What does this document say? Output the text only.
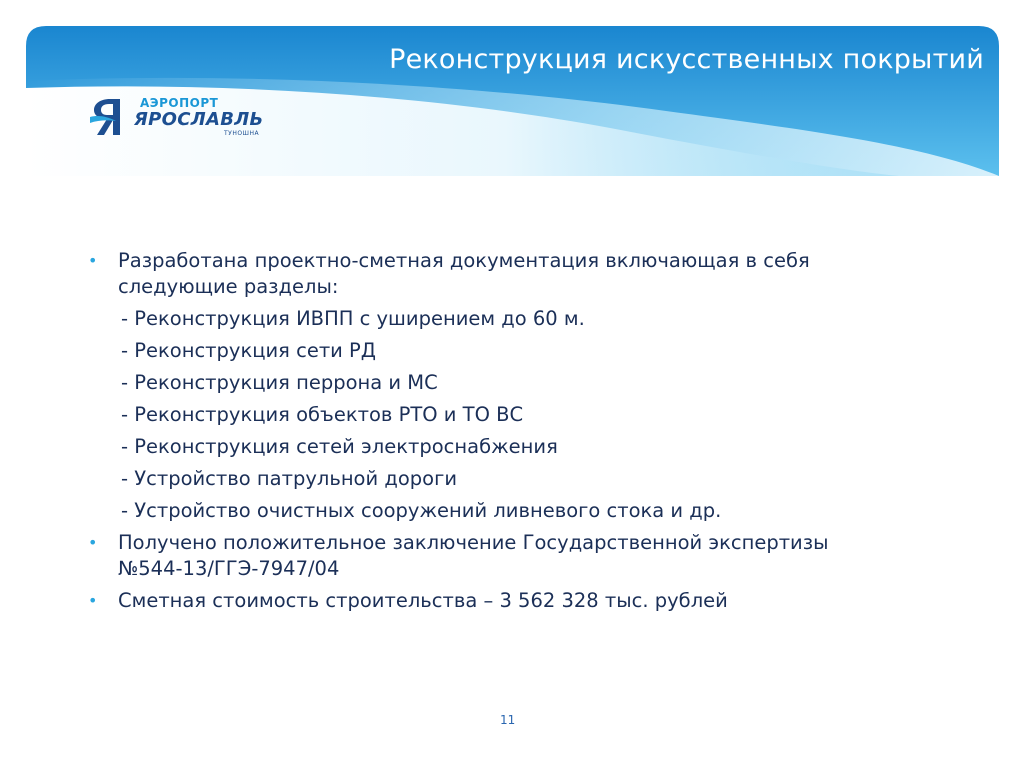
Реконструкция искусственных покрытий
АЭРОПОРТ
ЯРОСЛАВЛЬ
ТУНОШНА
• Разработана проектно-сметная документация включающая в себя следующие разделы:
- Реконструкция ИВПП с уширением до 60 м.
- Реконструкция сети РД
- Реконструкция перрона и МС
- Реконструкция объектов РТО и ТО ВС
- Реконструкция сетей электроснабжения
- Устройство патрульной дороги
- Устройство очистных сооружений ливневого стока и др.
• Получено положительное заключение Государственной экспертизы №544-13/ГГЭ-7947/04
• Сметная стоимость строительства – 3 562 328 тыс. рублей
11
